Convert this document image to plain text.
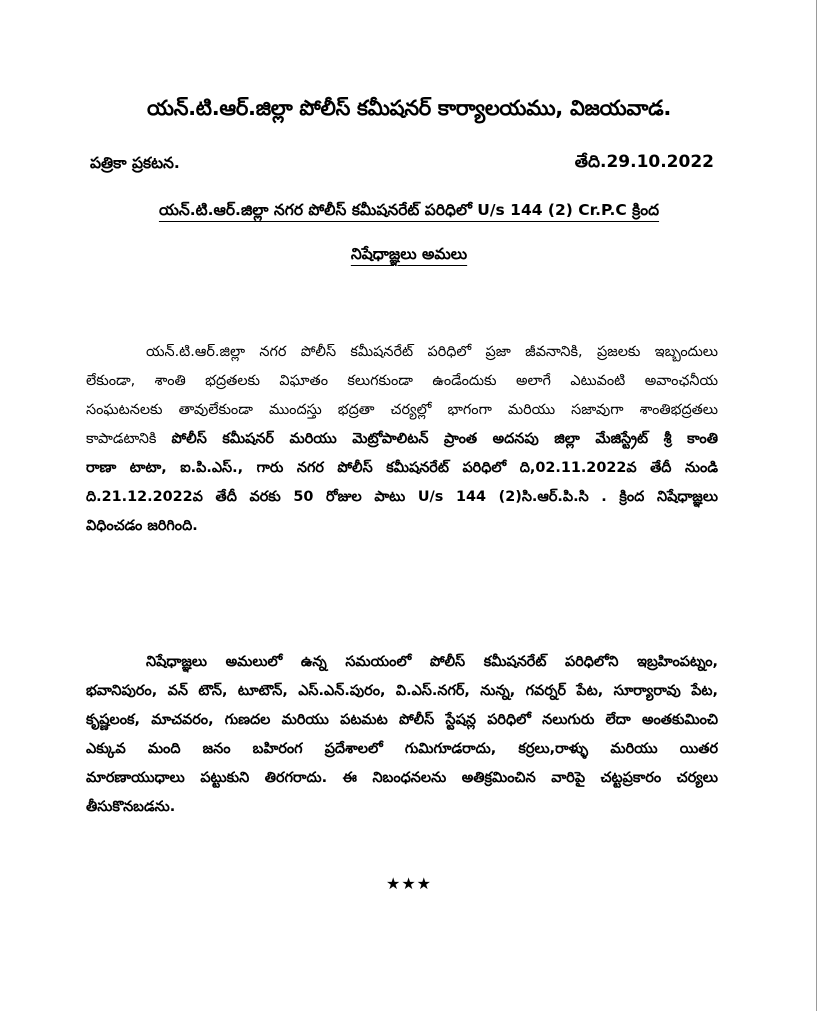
యన్.టి.ఆర్.జిల్లా పోలీస్ కమీషనర్ కార్యాలయము, విజయవాడ.
పత్రికా ప్రకటన.	తేది.29.10.2022
యన్.టి.ఆర్.జిల్లా నగర పోలీస్ కమీషనరేట్ పరిధిలో U/s 144 (2) Cr.P.C క్రింద
నిషేధాజ్ఞలు అమలు
యన్.టి.ఆర్.జిల్లా నగర పోలీస్ కమీషనరేట్ పరిధిలో ప్రజా జీవనానికి, ప్రజలకు ఇబ్బందులు
లేకుండా, శాంతి భద్రతలకు విఘాతం కలుగకుండా ఉండేందుకు అలాగే ఎటువంటి అవాంఛనీయ
సంఘటనలకు తావులేకుండా ముందస్తు భద్రతా చర్యల్లో భాగంగా మరియు సజావుగా శాంతిభద్రతలు
కాపాడటానికి పోలీస్ కమీషనర్ మరియు మెట్రోపాలిటన్ ప్రాంత అదనపు జిల్లా మేజిస్ట్రేట్ శ్రీ కాంతి
రాణా టాటా, ఐ.పి.ఎస్., గారు నగర పోలీస్ కమీషనరేట్ పరిధిలో ది,02.11.2022వ తేదీ నుండి
ది.21.12.2022వ తేదీ వరకు 50 రోజుల పాటు U/s 144 (2)సి.ఆర్.పి.సి . క్రింద నిషేధాజ్ఞలు
విధించడం జరిగింది.
నిషేధాజ్ఞలు అమలులో ఉన్న సమయంలో పోలీస్ కమీషనరేట్ పరిధిలోని ఇబ్రహింపట్నం,
భవానిపురం, వన్ టౌన్, టూటౌన్, ఎస్.ఎన్.పురం, వి.ఎస్.నగర్, నున్న, గవర్నర్ పేట, సూర్యారావు పేట,
కృష్ణలంక, మాచవరం, గుణదల మరియు పటమట పోలీస్ స్టేషన్ల పరిధిలో నలుగురు లేదా అంతకుమించి
ఎక్కువ మంది జనం బహిరంగ ప్రదేశాలలో గుమిగూడరాదు, కర్రలు,రాళ్ళు మరియు యితర
మారణాయుధాలు పట్టుకుని తిరగరాదు. ఈ నిబంధనలను అతిక్రమించిన వారిపై చట్టప్రకారం చర్యలు
తీసుకొనబడను.
★★★
